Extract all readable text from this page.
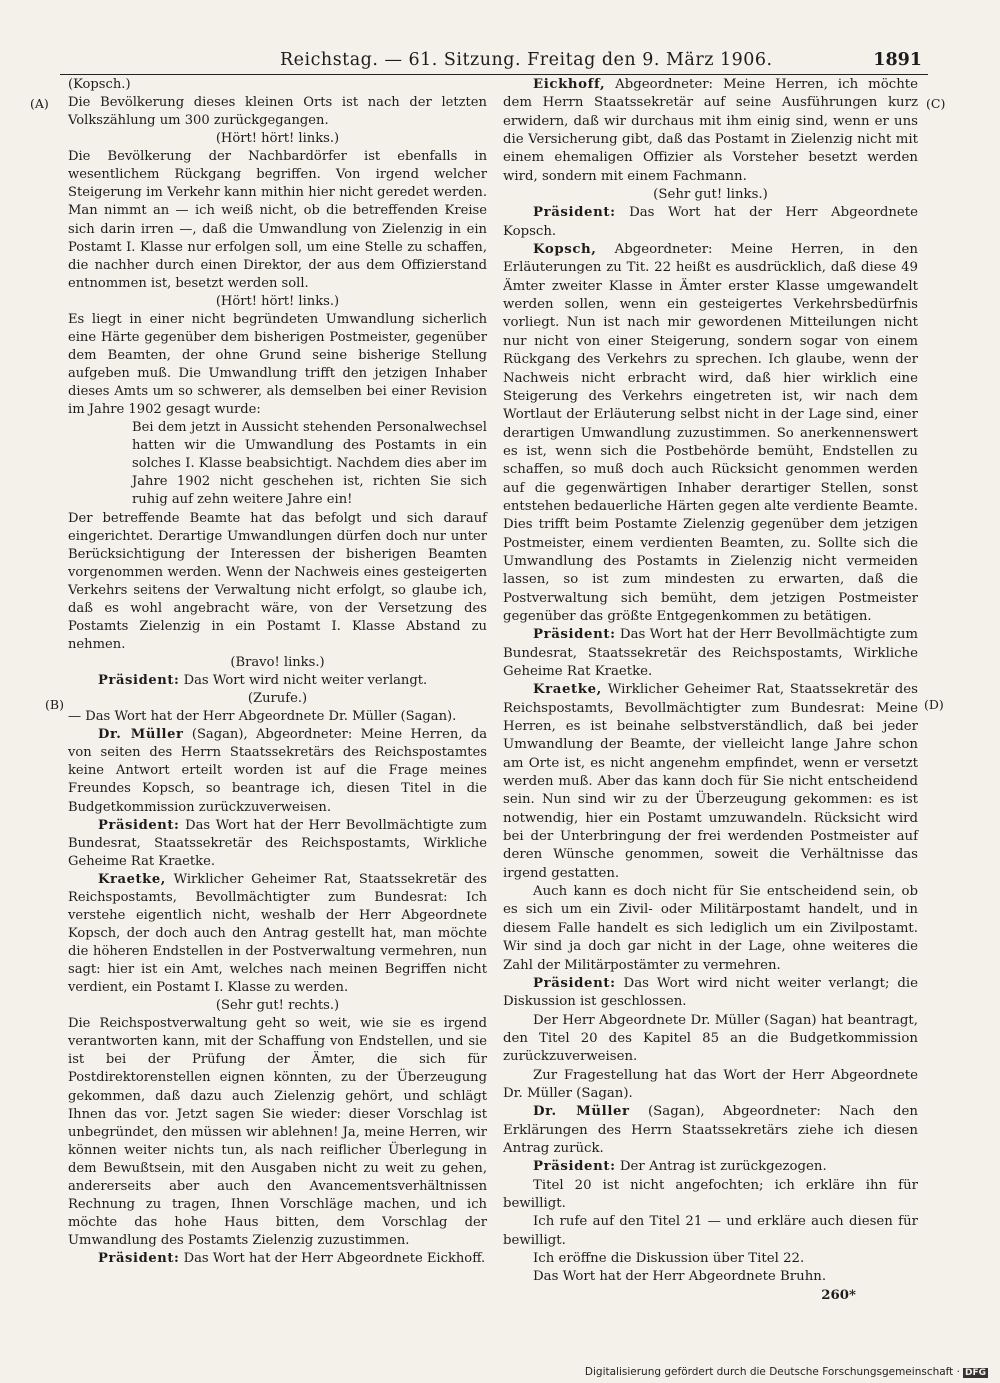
Reichstag. — 61. Sitzung. Freitag den 9. März 1906.	1891
(A)
(B)
(C)
(D)

(Kopsch.)

Die Bevölkerung dieses kleinen Orts ist nach der letzten Volkszählung um 300 zurückgegangen.

(Hört! hört! links.)

Die Bevölkerung der Nachbardörfer ist ebenfalls in wesentlichem Rückgang begriffen. Von irgend welcher Steigerung im Verkehr kann mithin hier nicht geredet werden. Man nimmt an — ich weiß nicht, ob die betreffenden Kreise sich darin irren —, daß die Umwandlung von Zielenzig in ein Postamt I. Klasse nur erfolgen soll, um eine Stelle zu schaffen, die nachher durch einen Direktor, der aus dem Offizierstand entnommen ist, besetzt werden soll.

(Hört! hört! links.)

Es liegt in einer nicht begründeten Umwandlung sicherlich eine Härte gegenüber dem bisherigen Postmeister, gegenüber dem Beamten, der ohne Grund seine bisherige Stellung aufgeben muß. Die Umwandlung trifft den jetzigen Inhaber dieses Amts um so schwerer, als demselben bei einer Revision im Jahre 1902 gesagt wurde:

Bei dem jetzt in Aussicht stehenden Personalwechsel hatten wir die Umwandlung des Postamts in ein solches I. Klasse beabsichtigt. Nachdem dies aber im Jahre 1902 nicht geschehen ist, richten Sie sich ruhig auf zehn weitere Jahre ein!

Der betreffende Beamte hat das befolgt und sich darauf eingerichtet. Derartige Umwandlungen dürfen doch nur unter Berücksichtigung der Interessen der bisherigen Beamten vorgenommen werden. Wenn der Nachweis eines gesteigerten Verkehrs seitens der Verwaltung nicht erfolgt, so glaube ich, daß es wohl angebracht wäre, von der Versetzung des Postamts Zielenzig in ein Postamt I. Klasse Abstand zu nehmen.

(Bravo! links.)

Präsident: Das Wort wird nicht weiter verlangt.

(Zurufe.)

— Das Wort hat der Herr Abgeordnete Dr. Müller (Sagan).

Dr. Müller (Sagan), Abgeordneter: Meine Herren, da von seiten des Herrn Staatssekretärs des Reichspostamtes keine Antwort erteilt worden ist auf die Frage meines Freundes Kopsch, so beantrage ich, diesen Titel in die Budgetkommission zurückzuverweisen.

Präsident: Das Wort hat der Herr Bevollmächtigte zum Bundesrat, Staatssekretär des Reichspostamts, Wirkliche Geheime Rat Kraetke.

Kraetke, Wirklicher Geheimer Rat, Staatssekretär des Reichspostamts, Bevollmächtigter zum Bundesrat: Ich verstehe eigentlich nicht, weshalb der Herr Abgeordnete Kopsch, der doch auch den Antrag gestellt hat, man möchte die höheren Endstellen in der Postverwaltung vermehren, nun sagt: hier ist ein Amt, welches nach meinen Begriffen nicht verdient, ein Postamt I. Klasse zu werden.

(Sehr gut! rechts.)

Die Reichspostverwaltung geht so weit, wie sie es irgend verantworten kann, mit der Schaffung von Endstellen, und sie ist bei der Prüfung der Ämter, die sich für Postdirektorenstellen eignen könnten, zu der Überzeugung gekommen, daß dazu auch Zielenzig gehört, und schlägt Ihnen das vor. Jetzt sagen Sie wieder: dieser Vorschlag ist unbegründet, den müssen wir ablehnen! Ja, meine Herren, wir können weiter nichts tun, als nach reiflicher Überlegung in dem Bewußtsein, mit den Ausgaben nicht zu weit zu gehen, andererseits aber auch den Avancementsverhältnissen Rechnung zu tragen, Ihnen Vorschläge machen, und ich möchte das hohe Haus bitten, dem Vorschlag der Umwandlung des Postamts Zielenzig zuzustimmen.

Präsident: Das Wort hat der Herr Abgeordnete Eickhoff.

Eickhoff, Abgeordneter: Meine Herren, ich möchte dem Herrn Staatssekretär auf seine Ausführungen kurz erwidern, daß wir durchaus mit ihm einig sind, wenn er uns die Versicherung gibt, daß das Postamt in Zielenzig nicht mit einem ehemaligen Offizier als Vorsteher besetzt werden wird, sondern mit einem Fachmann.

(Sehr gut! links.)

Präsident: Das Wort hat der Herr Abgeordnete Kopsch.

Kopsch, Abgeordneter: Meine Herren, in den Erläuterungen zu Tit. 22 heißt es ausdrücklich, daß diese 49 Ämter zweiter Klasse in Ämter erster Klasse umgewandelt werden sollen, wenn ein gesteigertes Verkehrsbedürfnis vorliegt. Nun ist nach mir gewordenen Mitteilungen nicht nur nicht von einer Steigerung, sondern sogar von einem Rückgang des Verkehrs zu sprechen. Ich glaube, wenn der Nachweis nicht erbracht wird, daß hier wirklich eine Steigerung des Verkehrs eingetreten ist, wir nach dem Wortlaut der Erläuterung selbst nicht in der Lage sind, einer derartigen Umwandlung zuzustimmen. So anerkennenswert es ist, wenn sich die Postbehörde bemüht, Endstellen zu schaffen, so muß doch auch Rücksicht genommen werden auf die gegenwärtigen Inhaber derartiger Stellen, sonst entstehen bedauerliche Härten gegen alte verdiente Beamte. Dies trifft beim Postamte Zielenzig gegenüber dem jetzigen Postmeister, einem verdienten Beamten, zu. Sollte sich die Umwandlung des Postamts in Zielenzig nicht vermeiden lassen, so ist zum mindesten zu erwarten, daß die Postverwaltung sich bemüht, dem jetzigen Postmeister gegenüber das größte Entgegenkommen zu betätigen.

Präsident: Das Wort hat der Herr Bevollmächtigte zum Bundesrat, Staatssekretär des Reichspostamts, Wirkliche Geheime Rat Kraetke.

Kraetke, Wirklicher Geheimer Rat, Staatssekretär des Reichspostamts, Bevollmächtigter zum Bundesrat: Meine Herren, es ist beinahe selbstverständlich, daß bei jeder Umwandlung der Beamte, der vielleicht lange Jahre schon am Orte ist, es nicht angenehm empfindet, wenn er versetzt werden muß. Aber das kann doch für Sie nicht entscheidend sein. Nun sind wir zu der Überzeugung gekommen: es ist notwendig, hier ein Postamt umzuwandeln. Rücksicht wird bei der Unterbringung der frei werdenden Postmeister auf deren Wünsche genommen, soweit die Verhältnisse das irgend gestatten.

Auch kann es doch nicht für Sie entscheidend sein, ob es sich um ein Zivil- oder Militärpostamt handelt, und in diesem Falle handelt es sich lediglich um ein Zivilpostamt. Wir sind ja doch gar nicht in der Lage, ohne weiteres die Zahl der Militärpostämter zu vermehren.

Präsident: Das Wort wird nicht weiter verlangt; die Diskussion ist geschlossen.

Der Herr Abgeordnete Dr. Müller (Sagan) hat beantragt, den Titel 20 des Kapitel 85 an die Budgetkommission zurückzuverweisen.

Zur Fragestellung hat das Wort der Herr Abgeordnete Dr. Müller (Sagan).

Dr. Müller (Sagan), Abgeordneter: Nach den Erklärungen des Herrn Staatssekretärs ziehe ich diesen Antrag zurück.

Präsident: Der Antrag ist zurückgezogen.

Titel 20 ist nicht angefochten; ich erkläre ihn für bewilligt.

Ich rufe auf den Titel 21 — und erkläre auch diesen für bewilligt.

Ich eröffne die Diskussion über Titel 22.

Das Wort hat der Herr Abgeordnete Bruhn.

260*

Digitalisierung gefördert durch die Deutsche Forschungsgemeinschaft · DFG
